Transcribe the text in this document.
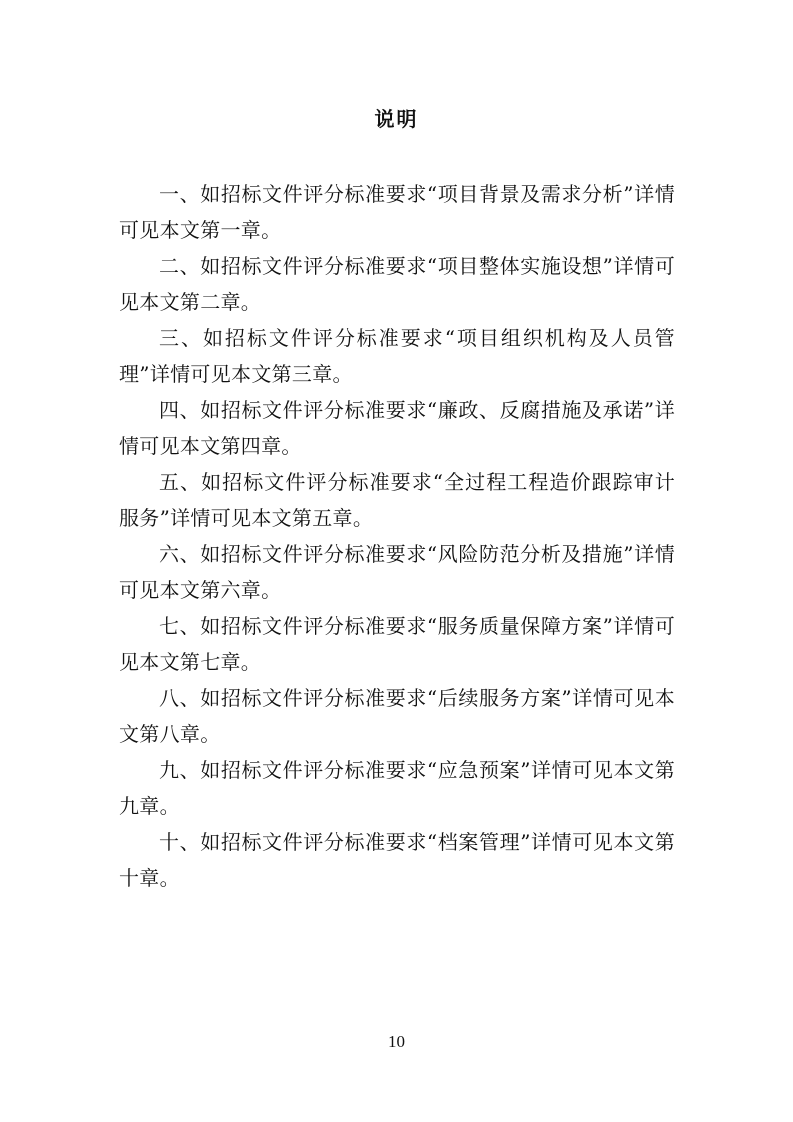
说明

一、如招标文件评分标准要求“项目背景及需求分析”详情可见本文第一章。

二、如招标文件评分标准要求“项目整体实施设想”详情可见本文第二章。

三、如招标文件评分标准要求“项目组织机构及人员管理”详情可见本文第三章。

四、如招标文件评分标准要求“廉政、反腐措施及承诺”详情可见本文第四章。

五、如招标文件评分标准要求“全过程工程造价跟踪审计服务”详情可见本文第五章。

六、如招标文件评分标准要求“风险防范分析及措施”详情可见本文第六章。

七、如招标文件评分标准要求“服务质量保障方案”详情可见本文第七章。

八、如招标文件评分标准要求“后续服务方案”详情可见本文第八章。

九、如招标文件评分标准要求“应急预案”详情可见本文第九章。

十、如招标文件评分标准要求“档案管理”详情可见本文第十章。

10
